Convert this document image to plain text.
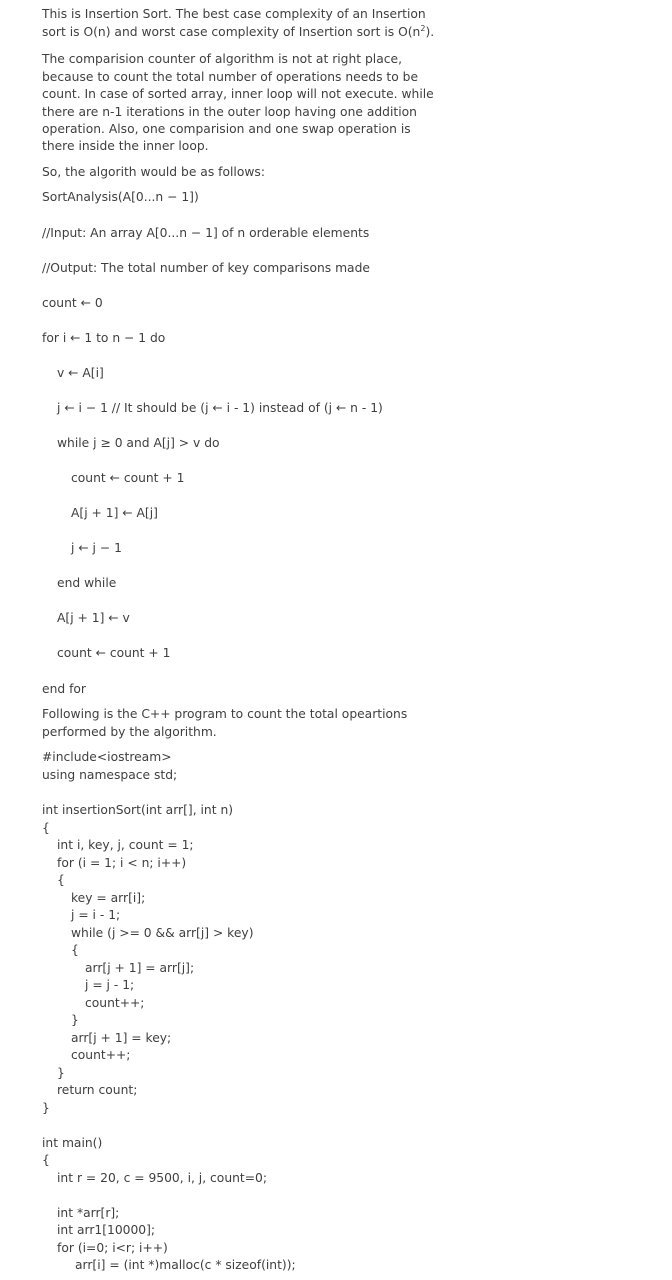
This is Insertion Sort. The best case complexity of an Insertion
sort is O(n) and worst case complexity of Insertion sort is $O(n^2)$.
The comparision counter of algorithm is not at right place,
because to count the total number of operations needs to be
count. In case of sorted array, inner loop will not execute. while
there are n-1 iterations in the outer loop having one addition
operation. Also, one comparision and one swap operation is
there inside the inner loop.
So, the algorith would be as follows:
SortAnalysis(A[0...n − 1])
//Input: An array A[0...n − 1] of n orderable elements
//Output: The total number of key comparisons made
count ← 0
for i ← 1 to n − 1 do
v ← A[i]
j ← i − 1 // It should be (j ← i - 1) instead of (j ← n - 1)
while j ≥ 0 and A[j] > v do
count ← count + 1
A[j + 1] ← A[j]
j ← j − 1
end while
A[j + 1] ← v
count ← count + 1
end for
Following is the C++ program to count the total opeartions
performed by the algorithm.
#include<iostream>
using namespace std;
int insertionSort(int arr[], int n)
{
int i, key, j, count = 1;
for (i = 1; i < n; i++)
{
key = arr[i];
j = i - 1;
while (j >= 0 && arr[j] > key)
{
arr[j + 1] = arr[j];
j = j - 1;
count++;
}
arr[j + 1] = key;
count++;
}
return count;
}
int main()
{
int r = 20, c = 9500, i, j, count=0;
int *arr[r];
int arr1[10000];
for (i=0; i<r; i++)
arr[i] = (int *)malloc(c * sizeof(int));
